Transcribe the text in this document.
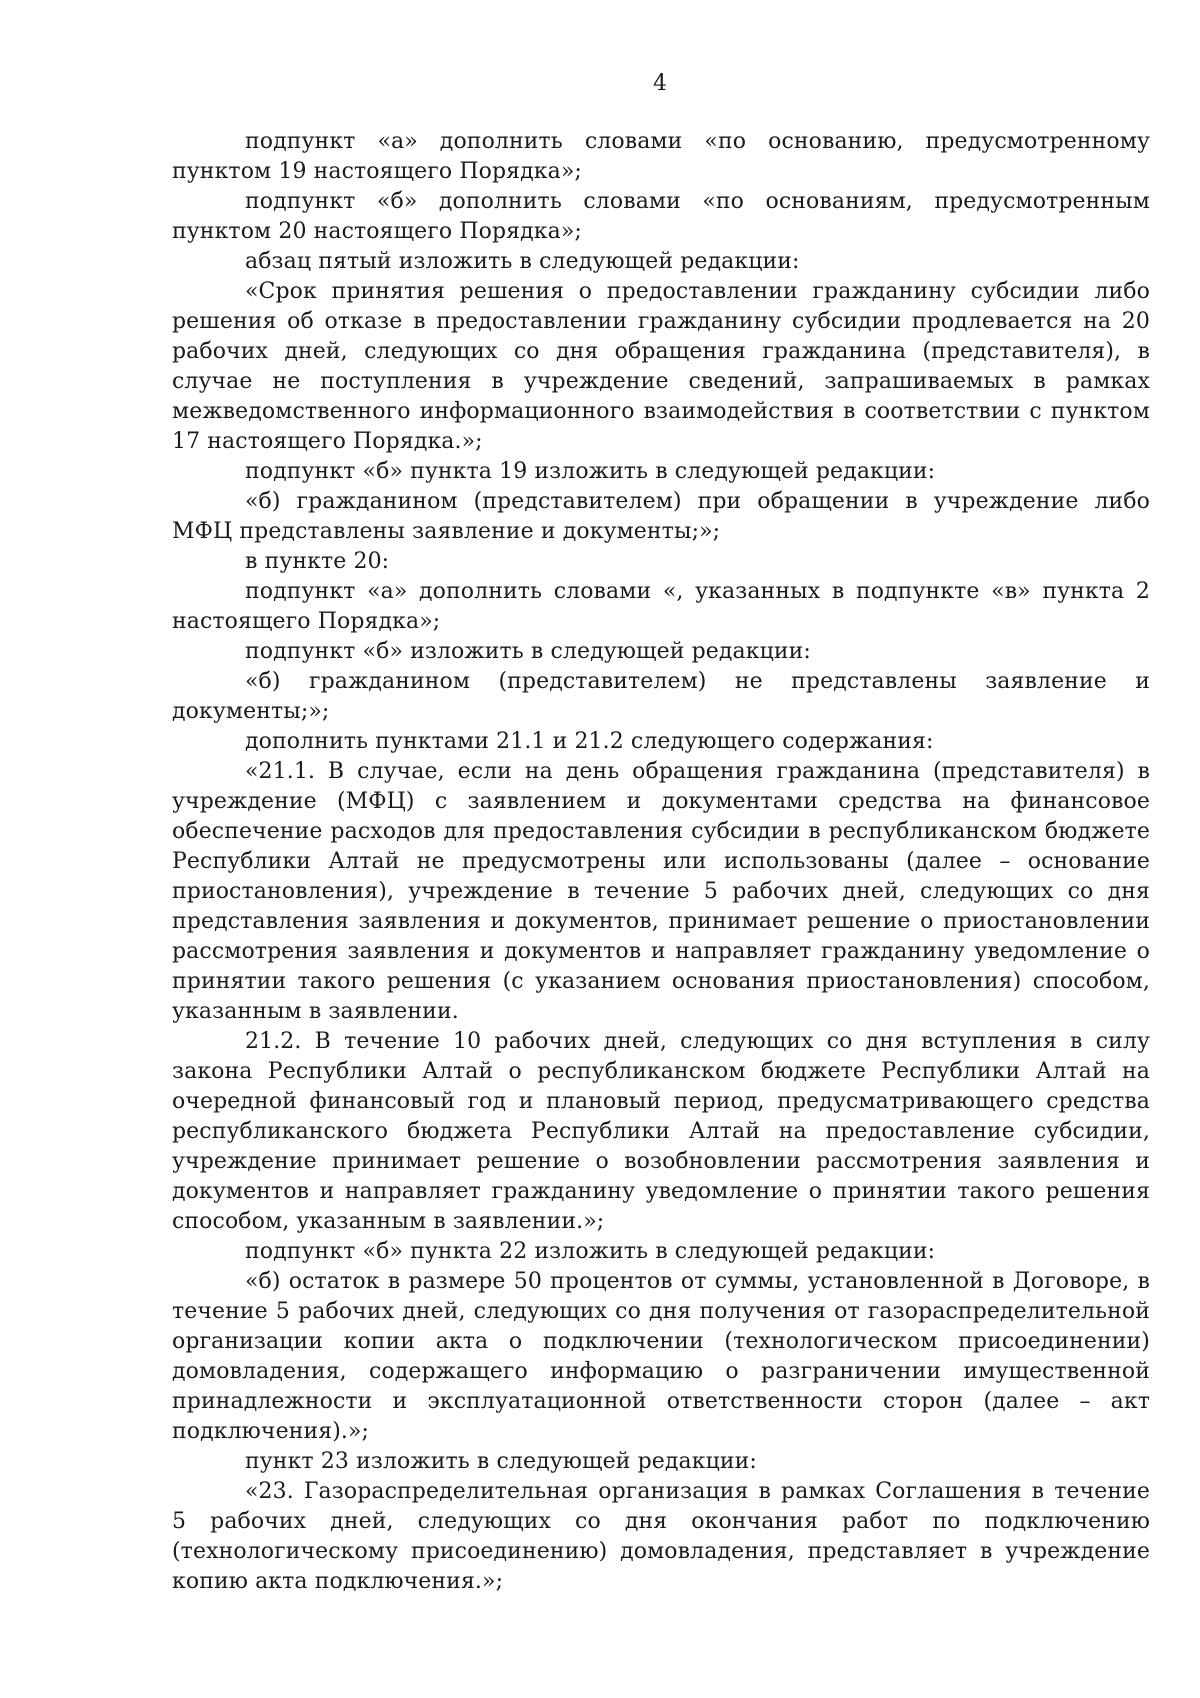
4

подпункт «а» дополнить словами «по основанию, предусмотренному пунктом 19 настоящего Порядка»;

подпункт «б» дополнить словами «по основаниям, предусмотренным пунктом 20 настоящего Порядка»;

абзац пятый изложить в следующей редакции:

«Срок принятия решения о предоставлении гражданину субсидии либо решения об отказе в предоставлении гражданину субсидии продлевается на 20 рабочих дней, следующих со дня обращения гражданина (представителя), в случае не поступления в учреждение сведений, запрашиваемых в рамках межведомственного информационного взаимодействия в соответствии с пунктом 17 настоящего Порядка.»;

подпункт «б» пункта 19 изложить в следующей редакции:

«б) гражданином (представителем) при обращении в учреждение либо МФЦ представлены заявление и документы;»;

в пункте 20:

подпункт «а» дополнить словами «, указанных в подпункте «в» пункта 2 настоящего Порядка»;

подпункт «б» изложить в следующей редакции:

«б) гражданином (представителем) не представлены заявление и документы;»;

дополнить пунктами 21.1 и 21.2 следующего содержания:

«21.1. В случае, если на день обращения гражданина (представителя) в учреждение (МФЦ) с заявлением и документами средства на финансовое обеспечение расходов для предоставления субсидии в республиканском бюджете Республики Алтай не предусмотрены или использованы (далее – основание приостановления), учреждение в течение 5 рабочих дней, следующих со дня представления заявления и документов, принимает решение о приостановлении рассмотрения заявления и документов и направляет гражданину уведомление о принятии такого решения (с указанием основания приостановления) способом, указанным в заявлении.

21.2. В течение 10 рабочих дней, следующих со дня вступления в силу закона Республики Алтай о республиканском бюджете Республики Алтай на очередной финансовый год и плановый период, предусматривающего средства республиканского бюджета Республики Алтай на предоставление субсидии, учреждение принимает решение о возобновлении рассмотрения заявления и документов и направляет гражданину уведомление о принятии такого решения способом, указанным в заявлении.»;

подпункт «б» пункта 22 изложить в следующей редакции:

«б) остаток в размере 50 процентов от суммы, установленной в Договоре, в течение 5 рабочих дней, следующих со дня получения от газораспределительной организации копии акта о подключении (технологическом присоединении) домовладения, содержащего информацию о разграничении имущественной принадлежности и эксплуатационной ответственности сторон (далее – акт подключения).»;

пункт 23 изложить в следующей редакции:

«23. Газораспределительная организация в рамках Соглашения в течение 5 рабочих дней, следующих со дня окончания работ по подключению (технологическому присоединению) домовладения, представляет в учреждение копию акта подключения.»;
